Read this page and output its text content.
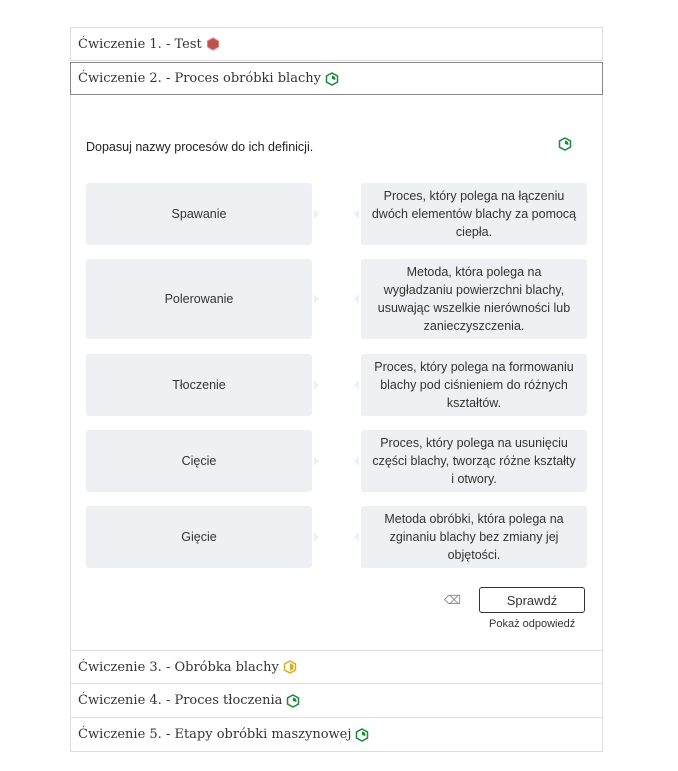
Ćwiczenie 1. - Test
Ćwiczenie 2. - Proces obróbki blachy
Dopasuj nazwy procesów do ich definicji.
Spawanie
Proces, który polega na łączeniu dwóch elementów blachy za pomocą ciepła.
Polerowanie
Metoda, która polega na wygładzaniu powierzchni blachy, usuwając wszelkie nierówności lub zanieczyszczenia.
Tłoczenie
Proces, który polega na formowaniu blachy pod ciśnieniem do różnych kształtów.
Cięcie
Proces, który polega na usunięciu części blachy, tworząc różne kształty i otwory.
Gięcie
Metoda obróbki, która polega na zginaniu blachy bez zmiany jej objętości.
⌫	Sprawdź
Pokaż odpowiedź
Ćwiczenie 3. - Obróbka blachy
Ćwiczenie 4. - Proces tłoczenia
Ćwiczenie 5. - Etapy obróbki maszynowej
